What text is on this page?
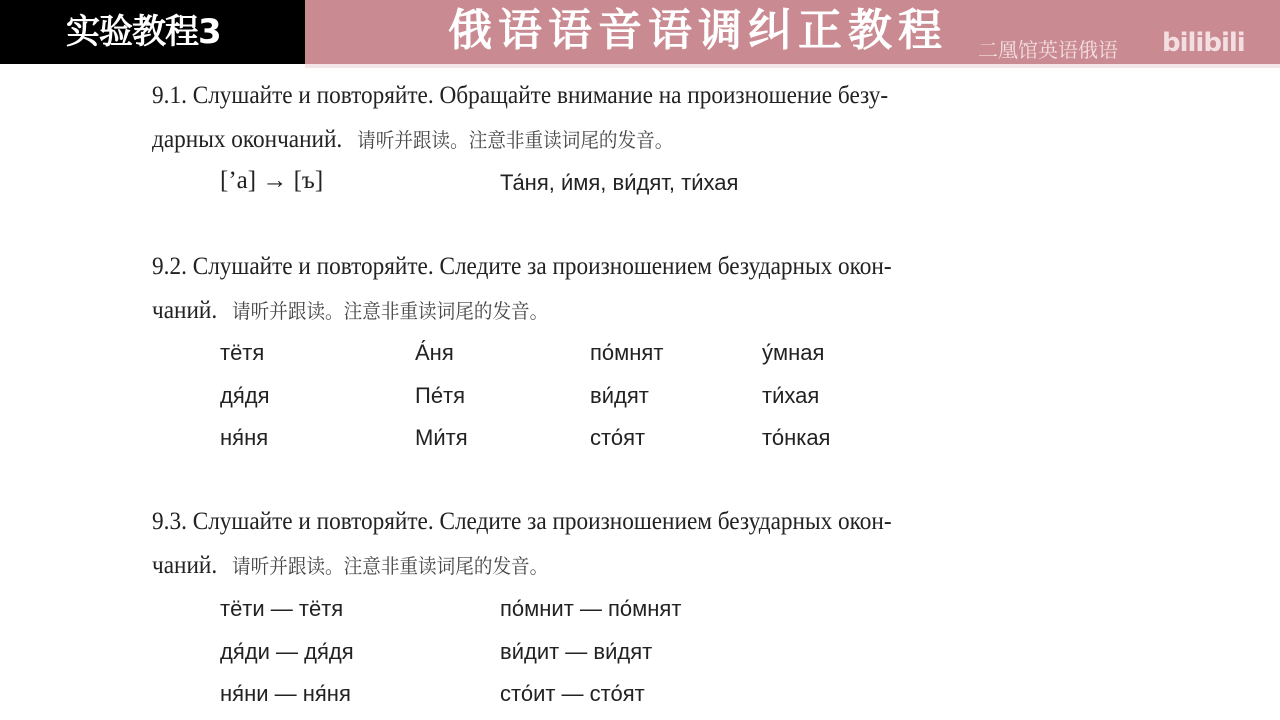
实验教程3	俄语语音语调纠正教程 二凰馆英语俄语 bilibili
9.1. Слушайте и повторяйте. Обращайте внимание на произношение безу-
дарных окончаний. 请听并跟读。注意非重读词尾的发音。
[’a] → [ъ]	Та́ня, и́мя, ви́дят, ти́хая
9.2. Слушайте и повторяйте. Следите за произношением безударных окон-
чаний. 请听并跟读。注意非重读词尾的发音。
тётя	А́ня	по́мнят	у́мная
дя́дя	Пе́тя	ви́дят	ти́хая
ня́ня	Ми́тя	сто́ят	то́нкая
9.3. Слушайте и повторяйте. Следите за произношением безударных окон-
чаний. 请听并跟读。注意非重读词尾的发音。
тёти — тётя	по́мнит — по́мнят
дя́ди — дя́дя	ви́дит — ви́дят
ня́ни — ня́ня	сто́ит — сто́ят
